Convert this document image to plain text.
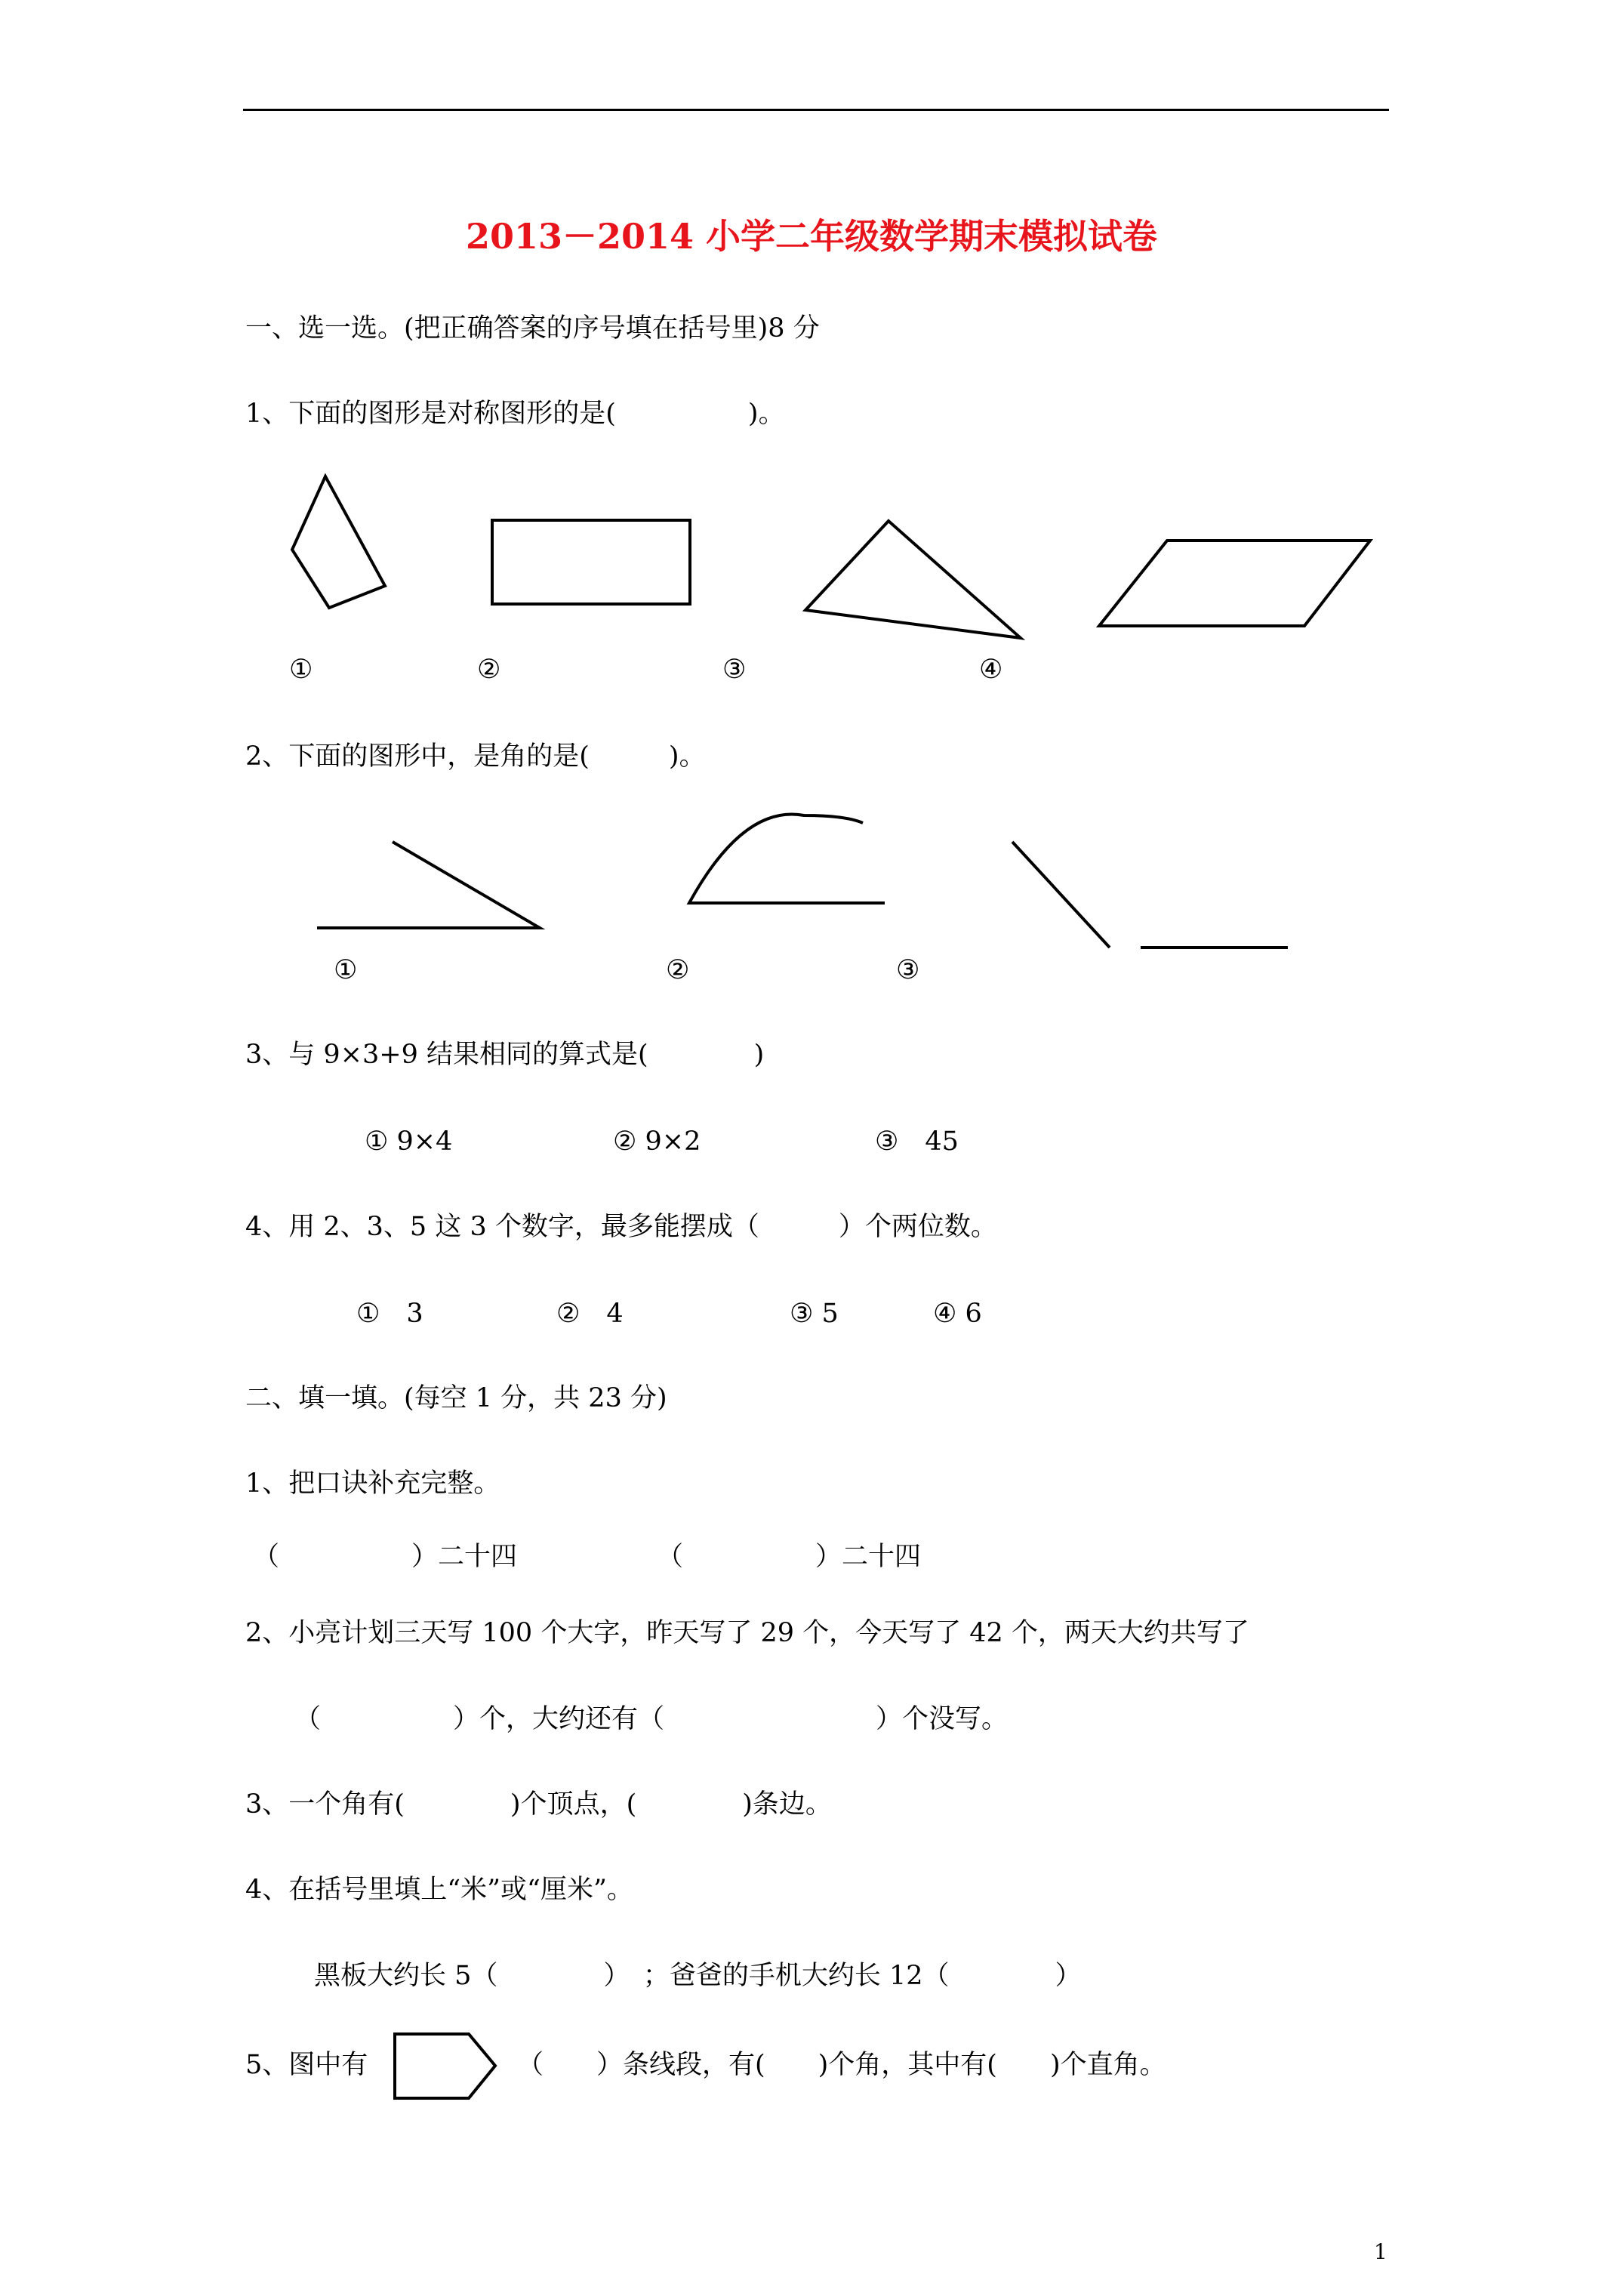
2013－2014 小学二年级数学期末模拟试卷
一、选一选。(把正确答案的序号填在括号里)8 分
1、下面的图形是对称图形的是(　　　　　)。
①	②	③	④
2、下面的图形中，是角的是(　　　)。
①	②	③
3、与 9×3+9 结果相同的算式是(　　　　)
① 9×4	② 9×2	③　45
4、用 2、3、5 这 3 个数字，最多能摆成（　　　）个两位数。
①　3	②　4	③ 5	④ 6
二、填一填。(每空 1 分，共 23 分)
1、把口诀补充完整。
（　　　　　）二十四	（　　　　　）二十四
2、小亮计划三天写 100 个大字，昨天写了 29 个，今天写了 42 个，两天大约共写了
（　　　　　）个，大约还有（　　　　　　　　）个没写。
3、一个角有(　　　　)个顶点，(　　　　)条边。
4、在括号里填上“米”或“厘米”。
黑板大约长 5（　　　　）　；爸爸的手机大约长 12（　　　　）
5、图中有	（　　）条线段，有(　　)个角，其中有(　　)个直角。
1
